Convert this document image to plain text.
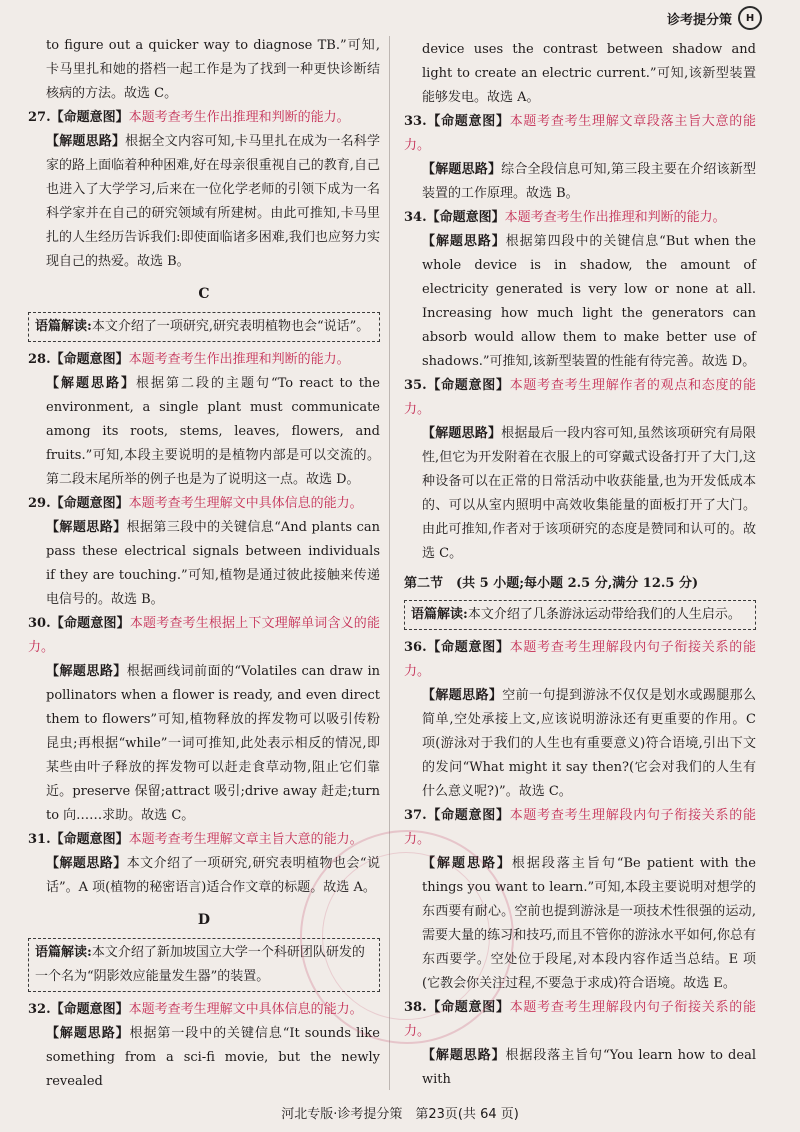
诊考提分策	H

to figure out a quicker way to diagnose TB.”可知,卡马里扎和她的搭档一起工作是为了找到一种更快诊断结核病的方法。故选 C。

27.【命题意图】本题考查考生作出推理和判断的能力。

【解题思路】根据全文内容可知,卡马里扎在成为一名科学家的路上面临着种种困难,好在母亲很重视自己的教育,自己也进入了大学学习,后来在一位化学老师的引领下成为一名科学家并在自己的研究领域有所建树。由此可推知,卡马里扎的人生经历告诉我们:即使面临诸多困难,我们也应努力实现自己的热爱。故选 B。

C
语篇解读:本文介绍了一项研究,研究表明植物也会“说话”。

28.【命题意图】本题考查考生作出推理和判断的能力。

【解题思路】根据第二段的主题句“To react to the environment, a single plant must communicate among its roots, stems, leaves, flowers, and fruits.”可知,本段主要说明的是植物内部是可以交流的。第二段末尾所举的例子也是为了说明这一点。故选 D。

29.【命题意图】本题考查考生理解文中具体信息的能力。

【解题思路】根据第三段中的关键信息“And plants can pass these electrical signals between individuals if they are touching.”可知,植物是通过彼此接触来传递电信号的。故选 B。

30.【命题意图】本题考查考生根据上下文理解单词含义的能力。

【解题思路】根据画线词前面的“Volatiles can draw in pollinators when a flower is ready, and even direct them to flowers”可知,植物释放的挥发物可以吸引传粉昆虫;再根据“while”一词可推知,此处表示相反的情况,即某些由叶子释放的挥发物可以赶走食草动物,阻止它们靠近。preserve 保留;attract 吸引;drive away 赶走;turn to 向……求助。故选 C。

31.【命题意图】本题考查考生理解文章主旨大意的能力。

【解题思路】本文介绍了一项研究,研究表明植物也会“说话”。A 项(植物的秘密语言)适合作文章的标题。故选 A。

D
语篇解读:本文介绍了新加坡国立大学一个科研团队研发的一个名为“阴影效应能量发生器”的装置。

32.【命题意图】本题考查考生理解文中具体信息的能力。

【解题思路】根据第一段中的关键信息“It sounds like something from a sci-fi movie, but the newly revealed

device uses the contrast between shadow and light to create an electric current.”可知,该新型装置能够发电。故选 A。

33.【命题意图】本题考查考生理解文章段落主旨大意的能力。

【解题思路】综合全段信息可知,第三段主要在介绍该新型装置的工作原理。故选 B。

34.【命题意图】本题考查考生作出推理和判断的能力。

【解题思路】根据第四段中的关键信息“But when the whole device is in shadow, the amount of electricity generated is very low or none at all. Increasing how much light the generators can absorb would allow them to make better use of shadows.”可推知,该新型装置的性能有待完善。故选 D。

35.【命题意图】本题考查考生理解作者的观点和态度的能力。

【解题思路】根据最后一段内容可知,虽然该项研究有局限性,但它为开发附着在衣服上的可穿戴式设备打开了大门,这种设备可以在正常的日常活动中收获能量,也为开发低成本的、可以从室内照明中高效收集能量的面板打开了大门。由此可推知,作者对于该项研究的态度是赞同和认可的。故选 C。

第二节　(共 5 小题;每小题 2.5 分,满分 12.5 分)
语篇解读:本文介绍了几条游泳运动带给我们的人生启示。

36.【命题意图】本题考查考生理解段内句子衔接关系的能力。

【解题思路】空前一句提到游泳不仅仅是划水或踢腿那么简单,空处承接上文,应该说明游泳还有更重要的作用。C 项(游泳对于我们的人生也有重要意义)符合语境,引出下文的发问“What might it say then?(它会对我们的人生有什么意义呢?)”。故选 C。

37.【命题意图】本题考查考生理解段内句子衔接关系的能力。

【解题思路】根据段落主旨句“Be patient with the things you want to learn.”可知,本段主要说明对想学的东西要有耐心。空前也提到游泳是一项技术性很强的运动,需要大量的练习和技巧,而且不管你的游泳水平如何,你总有东西要学。空处位于段尾,对本段内容作适当总结。E 项(它教会你关注过程,不要急于求成)符合语境。故选 E。

38.【命题意图】本题考查考生理解段内句子衔接关系的能力。

【解题思路】根据段落主旨句“You learn how to deal with

河北专版·诊考提分策　第23页(共 64 页)
